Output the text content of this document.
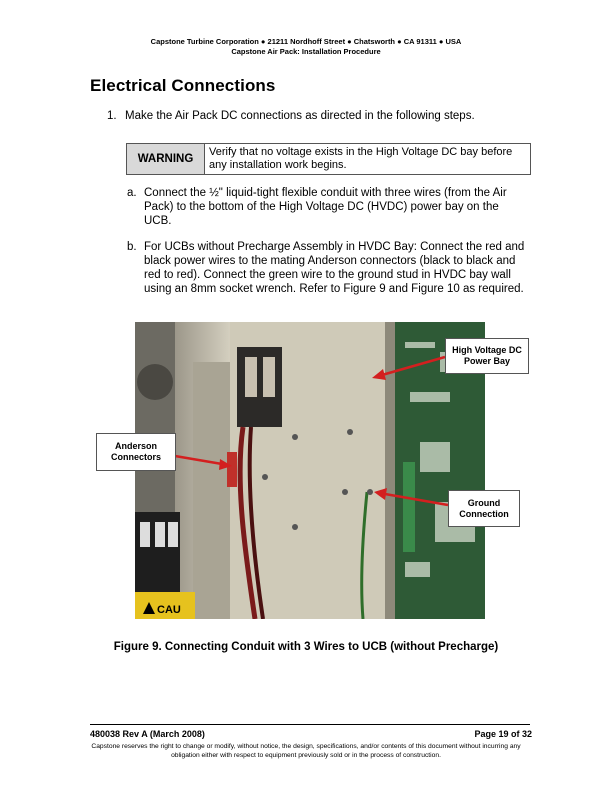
Capstone Turbine Corporation ● 21211 Nordhoff Street ● Chatsworth ● CA 91311 ● USA
Capstone Air Pack: Installation Procedure
Electrical Connections
1. Make the Air Pack DC connections as directed in the following steps.
WARNING
Verify that no voltage exists in the High Voltage DC bay before any installation work begins.
a. Connect the ½" liquid-tight flexible conduit with three wires (from the Air Pack) to the bottom of the High Voltage DC (HVDC) power bay on the UCB.
b. For UCBs without Precharge Assembly in HVDC Bay: Connect the red and black power wires to the mating Anderson connectors (black to black and red to red). Connect the green wire to the ground stud in HVDC bay wall using an 8mm socket wrench. Refer to Figure 9 and Figure 10 as required.
CAU
High Voltage DC Power Bay
Anderson Connectors
Ground Connection
Figure 9. Connecting Conduit with 3 Wires to UCB (without Precharge)
480038 Rev A (March 2008)	Page 19 of 32
Capstone reserves the right to change or modify, without notice, the design, specifications, and/or contents of this document without incurring any obligation either with respect to equipment previously sold or in the process of construction.
